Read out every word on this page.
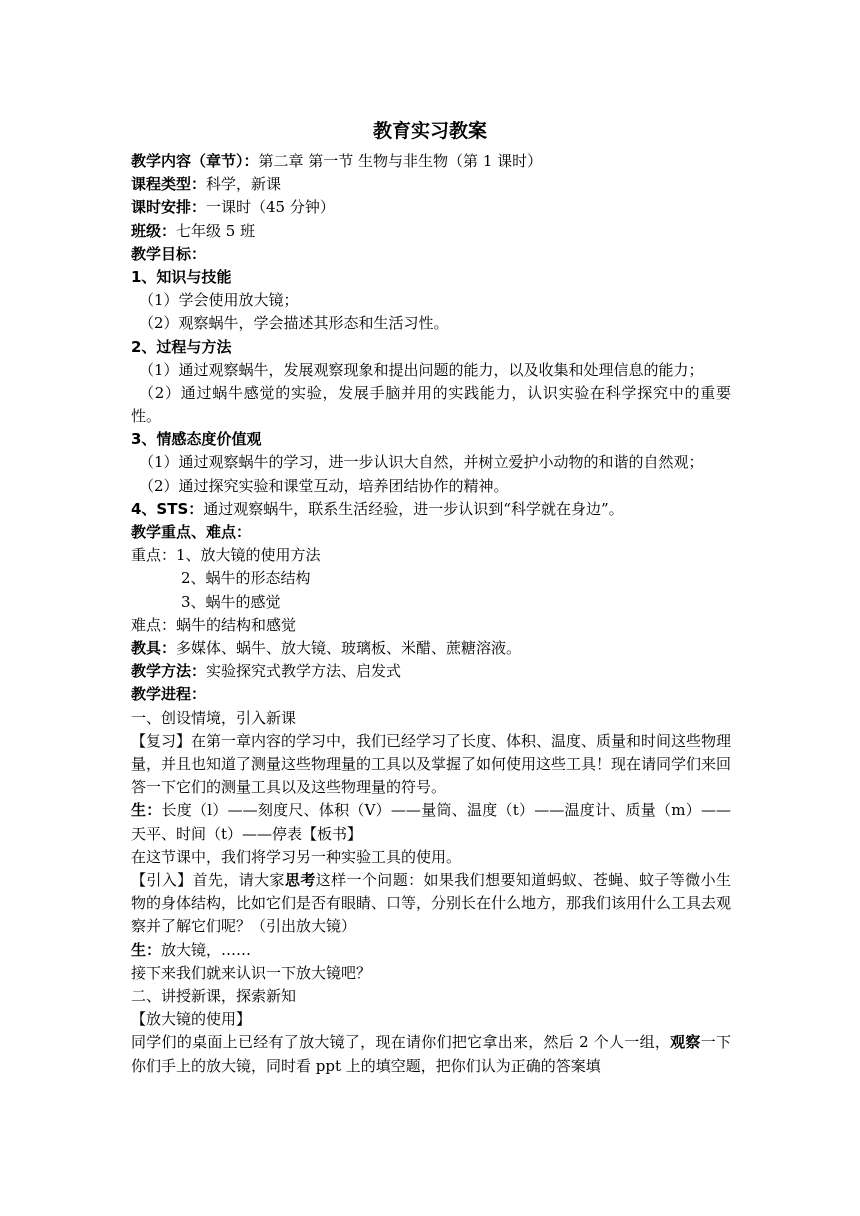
教育实习教案
教学内容（章节）：第二章 第一节 生物与非生物（第 1 课时）
课程类型：科学，新课
课时安排：一课时（45 分钟）
班级：七年级 5 班
教学目标：
1、知识与技能
（1）学会使用放大镜；
（2）观察蜗牛，学会描述其形态和生活习性。
2、过程与方法
（1）通过观察蜗牛，发展观察现象和提出问题的能力，以及收集和处理信息的能力；
（2）通过蜗牛感觉的实验，发展手脑并用的实践能力，认识实验在科学探究中的重要性。
3、情感态度价值观
（1）通过观察蜗牛的学习，进一步认识大自然，并树立爱护小动物的和谐的自然观；
（2）通过探究实验和课堂互动，培养团结协作的精神。
4、STS：通过观察蜗牛，联系生活经验，进一步认识到“科学就在身边”。
教学重点、难点：
重点：1、放大镜的使用方法
2、蜗牛的形态结构
3、蜗牛的感觉
难点：蜗牛的结构和感觉
教具：多媒体、蜗牛、放大镜、玻璃板、米醋、蔗糖溶液。
教学方法：实验探究式教学方法、启发式
教学进程：
一、创设情境，引入新课
【复习】在第一章内容的学习中，我们已经学习了长度、体积、温度、质量和时间这些物理量，并且也知道了测量这些物理量的工具以及掌握了如何使用这些工具！现在请同学们来回答一下它们的测量工具以及这些物理量的符号。
生：长度（l）——刻度尺、体积（V）——量筒、温度（t）——温度计、质量（m）——天平、时间（t）——停表【板书】
在这节课中，我们将学习另一种实验工具的使用。
【引入】首先，请大家思考这样一个问题：如果我们想要知道蚂蚁、苍蝇、蚊子等微小生物的身体结构，比如它们是否有眼睛、口等，分别长在什么地方，那我们该用什么工具去观察并了解它们呢？（引出放大镜）
生：放大镜，……
接下来我们就来认识一下放大镜吧？
二、讲授新课，探索新知
【放大镜的使用】
同学们的桌面上已经有了放大镜了，现在请你们把它拿出来，然后 2 个人一组，观察一下你们手上的放大镜，同时看 ppt 上的填空题，把你们认为正确的答案填
